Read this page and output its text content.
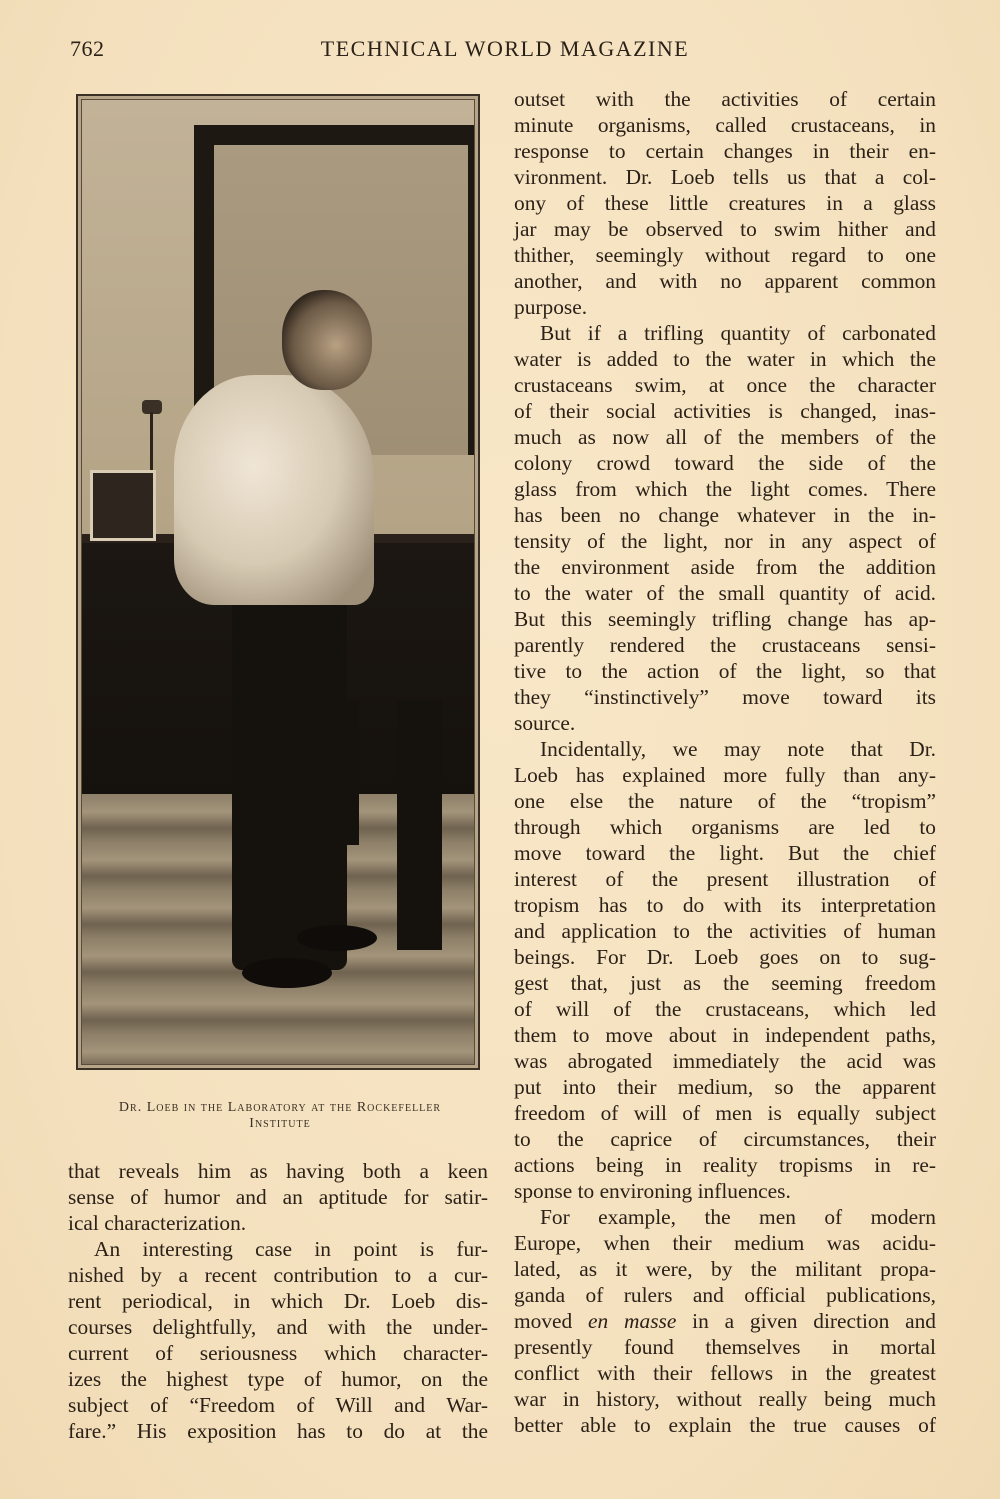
762	TECHNICAL WORLD MAGAZINE
Dr. Loeb in the Laboratory at the Rockefeller
Institute
that reveals him as having both a keen
sense of humor and an aptitude for satir-
ical characterization.
An interesting case in point is fur-
nished by a recent contribution to a cur-
rent periodical, in which Dr. Loeb dis-
courses delightfully, and with the under-
current of seriousness which character-
izes the highest type of humor, on the
subject of “Freedom of Will and War-
fare.” His exposition has to do at the
outset with the activities of certain
minute organisms, called crustaceans, in
response to certain changes in their en-
vironment. Dr. Loeb tells us that a col-
ony of these little creatures in a glass
jar may be observed to swim hither and
thither, seemingly without regard to one
another, and with no apparent common
purpose.
But if a trifling quantity of carbonated
water is added to the water in which the
crustaceans swim, at once the character
of their social activities is changed, inas-
much as now all of the members of the
colony crowd toward the side of the
glass from which the light comes. There
has been no change whatever in the in-
tensity of the light, nor in any aspect of
the environment aside from the addition
to the water of the small quantity of acid.
But this seemingly trifling change has ap-
parently rendered the crustaceans sensi-
tive to the action of the light, so that
they “instinctively” move toward its
source.
Incidentally, we may note that Dr.
Loeb has explained more fully than any-
one else the nature of the “tropism”
through which organisms are led to
move toward the light. But the chief
interest of the present illustration of
tropism has to do with its interpretation
and application to the activities of human
beings. For Dr. Loeb goes on to sug-
gest that, just as the seeming freedom
of will of the crustaceans, which led
them to move about in independent paths,
was abrogated immediately the acid was
put into their medium, so the apparent
freedom of will of men is equally subject
to the caprice of circumstances, their
actions being in reality tropisms in re-
sponse to environing influences.
For example, the men of modern
Europe, when their medium was acidu-
lated, as it were, by the militant propa-
ganda of rulers and official publications,
moved en masse in a given direction and
presently found themselves in mortal
conflict with their fellows in the greatest
war in history, without really being much
better able to explain the true causes of
